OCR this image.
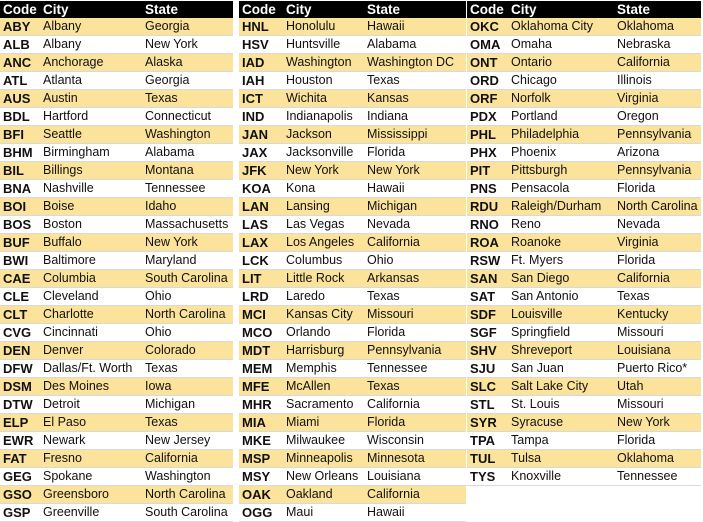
Code	City	State
ABY	Albany	Georgia
ALB	Albany	New York
ANC	Anchorage	Alaska
ATL	Atlanta	Georgia
AUS	Austin	Texas
BDL	Hartford	Connecticut
BFI	Seattle	Washington
BHM	Birmingham	Alabama
BIL	Billings	Montana
BNA	Nashville	Tennessee
BOI	Boise	Idaho
BOS	Boston	Massachusetts
BUF	Buffalo	New York
BWI	Baltimore	Maryland
CAE	Columbia	South Carolina
CLE	Cleveland	Ohio
CLT	Charlotte	North Carolina
CVG	Cincinnati	Ohio
DEN	Denver	Colorado
DFW	Dallas/Ft. Worth	Texas
DSM	Des Moines	Iowa
DTW	Detroit	Michigan
ELP	El Paso	Texas
EWR	Newark	New Jersey
FAT	Fresno	California
GEG	Spokane	Washington
GSO	Greensboro	North Carolina
GSP	Greenville	South Carolina
Code	City	State
HNL	Honolulu	Hawaii
HSV	Huntsville	Alabama
IAD	Washington	Washington DC
IAH	Houston	Texas
ICT	Wichita	Kansas
IND	Indianapolis	Indiana
JAN	Jackson	Mississippi
JAX	Jacksonville	Florida
JFK	New York	New York
KOA	Kona	Hawaii
LAN	Lansing	Michigan
LAS	Las Vegas	Nevada
LAX	Los Angeles	California
LCK	Columbus	Ohio
LIT	Little Rock	Arkansas
LRD	Laredo	Texas
MCI	Kansas City	Missouri
MCO	Orlando	Florida
MDT	Harrisburg	Pennsylvania
MEM	Memphis	Tennessee
MFE	McAllen	Texas
MHR	Sacramento	California
MIA	Miami	Florida
MKE	Milwaukee	Wisconsin
MSP	Minneapolis	Minnesota
MSY	New Orleans	Louisiana
OAK	Oakland	California
OGG	Maui	Hawaii
Code	City	State
OKC	Oklahoma City	Oklahoma
OMA	Omaha	Nebraska
ONT	Ontario	California
ORD	Chicago	Illinois
ORF	Norfolk	Virginia
PDX	Portland	Oregon
PHL	Philadelphia	Pennsylvania
PHX	Phoenix	Arizona
PIT	Pittsburgh	Pennsylvania
PNS	Pensacola	Florida
RDU	Raleigh/Durham	North Carolina
RNO	Reno	Nevada
ROA	Roanoke	Virginia
RSW	Ft. Myers	Florida
SAN	San Diego	California
SAT	San Antonio	Texas
SDF	Louisville	Kentucky
SGF	Springfield	Missouri
SHV	Shreveport	Louisiana
SJU	San Juan	Puerto Rico*
SLC	Salt Lake City	Utah
STL	St. Louis	Missouri
SYR	Syracuse	New York
TPA	Tampa	Florida
TUL	Tulsa	Oklahoma
TYS	Knoxville	Tennessee
